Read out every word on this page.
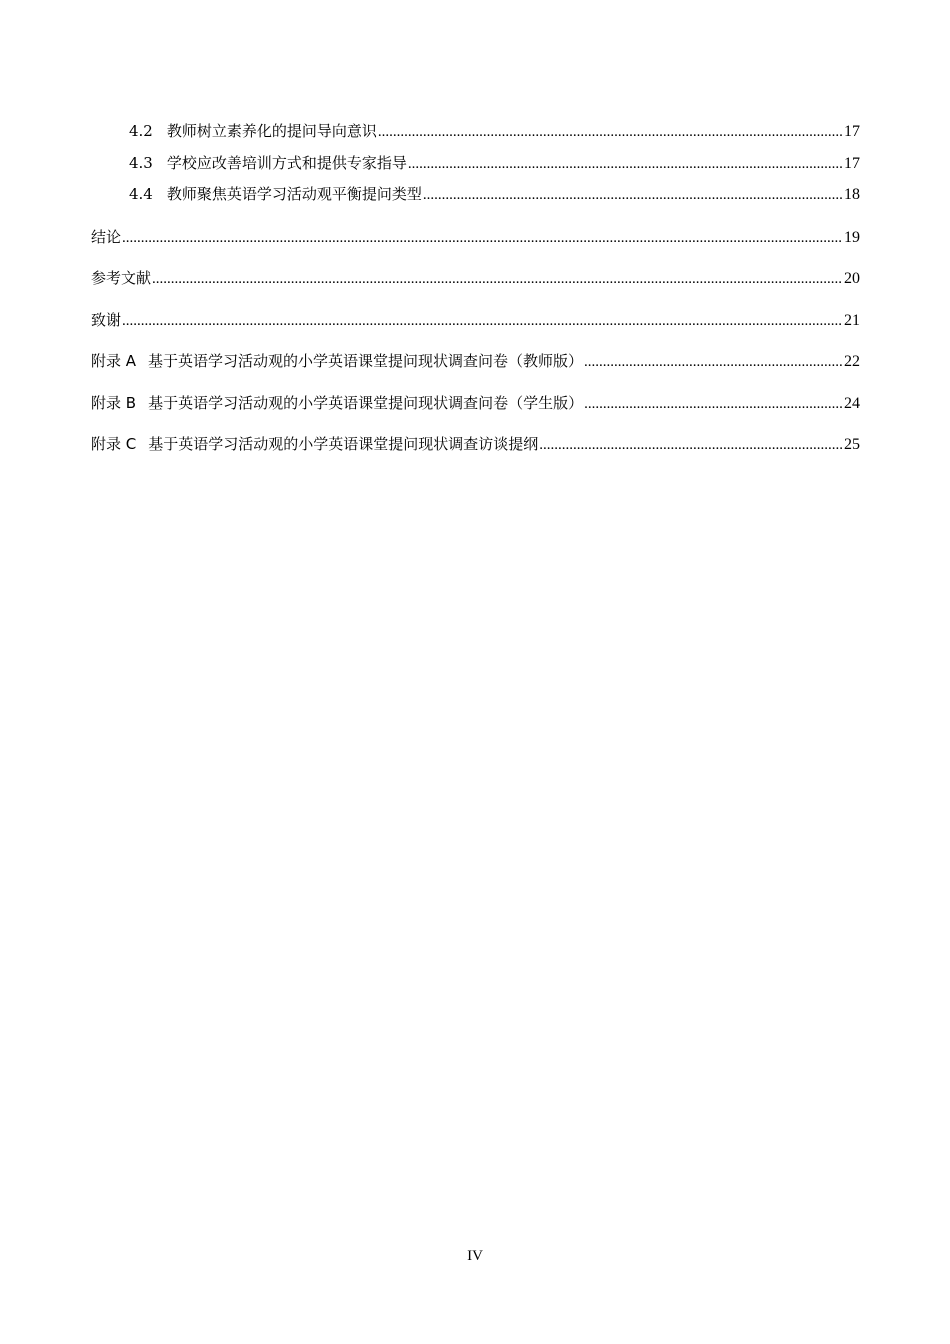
4.2 教师树立素养化的提问导向意识 .....	17
4.3 学校应改善培训方式和提供专家指导 .....	17
4.4 教师聚焦英语学习活动观平衡提问类型 .....	18
结论 .....	19
参考文献 .....	20
致谢 .....	21
附录 A 基于英语学习活动观的小学英语课堂提问现状调查问卷（教师版） .....	22
附录 B 基于英语学习活动观的小学英语课堂提问现状调查问卷（学生版） .....	24
附录 C 基于英语学习活动观的小学英语课堂提问现状调查访谈提纲 .....	25
IV
